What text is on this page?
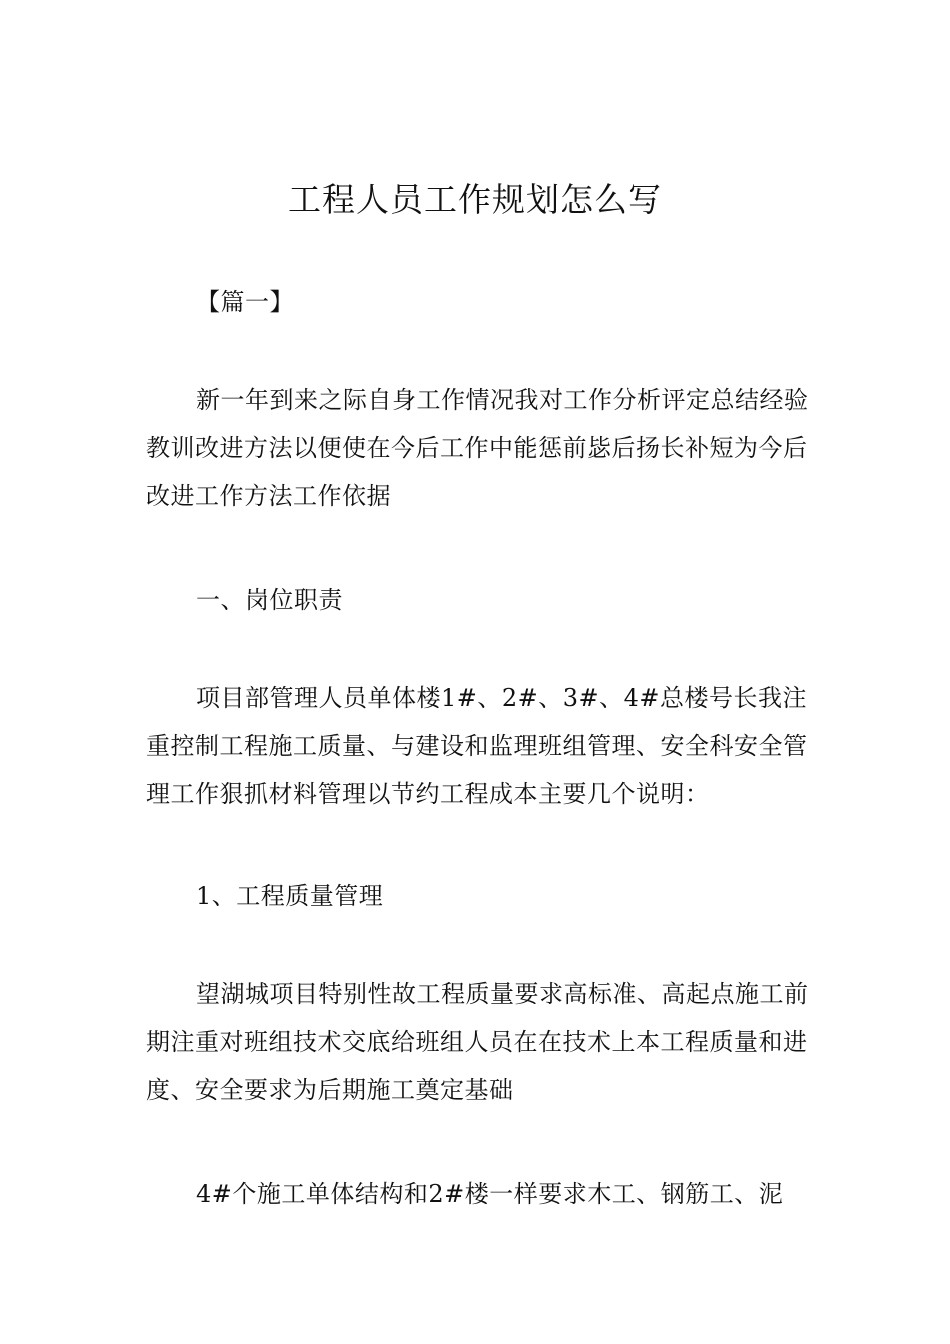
工程人员工作规划怎么写

【篇一】

新一年到来之际自身工作情况我对工作分析评定总结经验教训改进方法以便使在今后工作中能惩前毖后扬长补短为今后改进工作方法工作依据

一、岗位职责

项目部管理人员单体楼1#、2#、3#、4#总楼号长我注重控制工程施工质量、与建设和监理班组管理、安全科安全管理工作狠抓材料管理以节约工程成本主要几个说明：

1、工程质量管理

望湖城项目特别性故工程质量要求高标准、高起点施工前期注重对班组技术交底给班组人员在在技术上本工程质量和进度、安全要求为后期施工奠定基础

4#个施工单体结构和2#楼一样要求木工、钢筋工、泥
